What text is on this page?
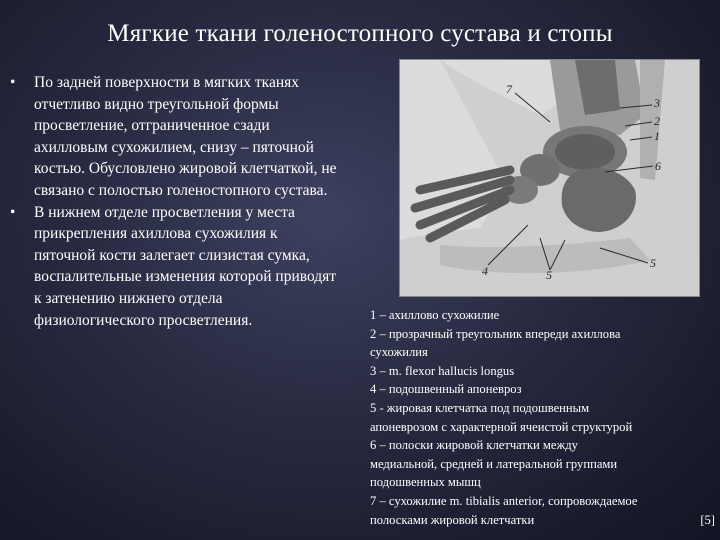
Мягкие ткани голеностопного сустава и стопы
• По задней поверхности в мягких тканях
отчетливо видно треугольной формы
просветление, отграниченное сзади
ахилловым сухожилием, снизу – пяточной
костью. Обусловлено жировой клетчаткой, не
связано с полостью голеностопного сустава.
• В нижнем отделе просветления у места
прикрепления ахиллова сухожилия к
пяточной кости залегает слизистая сумка,
воспалительные изменения которой приводят
к затенению нижнего отдела
физиологического просветления.
7
3
2
1
6
4	5
5
1 – ахиллово сухожилие
2 – прозрачный треугольник впереди ахиллова
сухожилия
3 – m. flexor hallucis longus
4 – подошвенный апоневроз
5 - жировая клетчатка под подошвенным
апоневрозом с характерной ячеистой структурой
6 – полоски жировой клетчатки между
медиальной, средней и латеральной группами
подошвенных мышц
7 – сухожилие m. tibialis anterior, сопровождаемое
полосками жировой клетчатки	[5]
